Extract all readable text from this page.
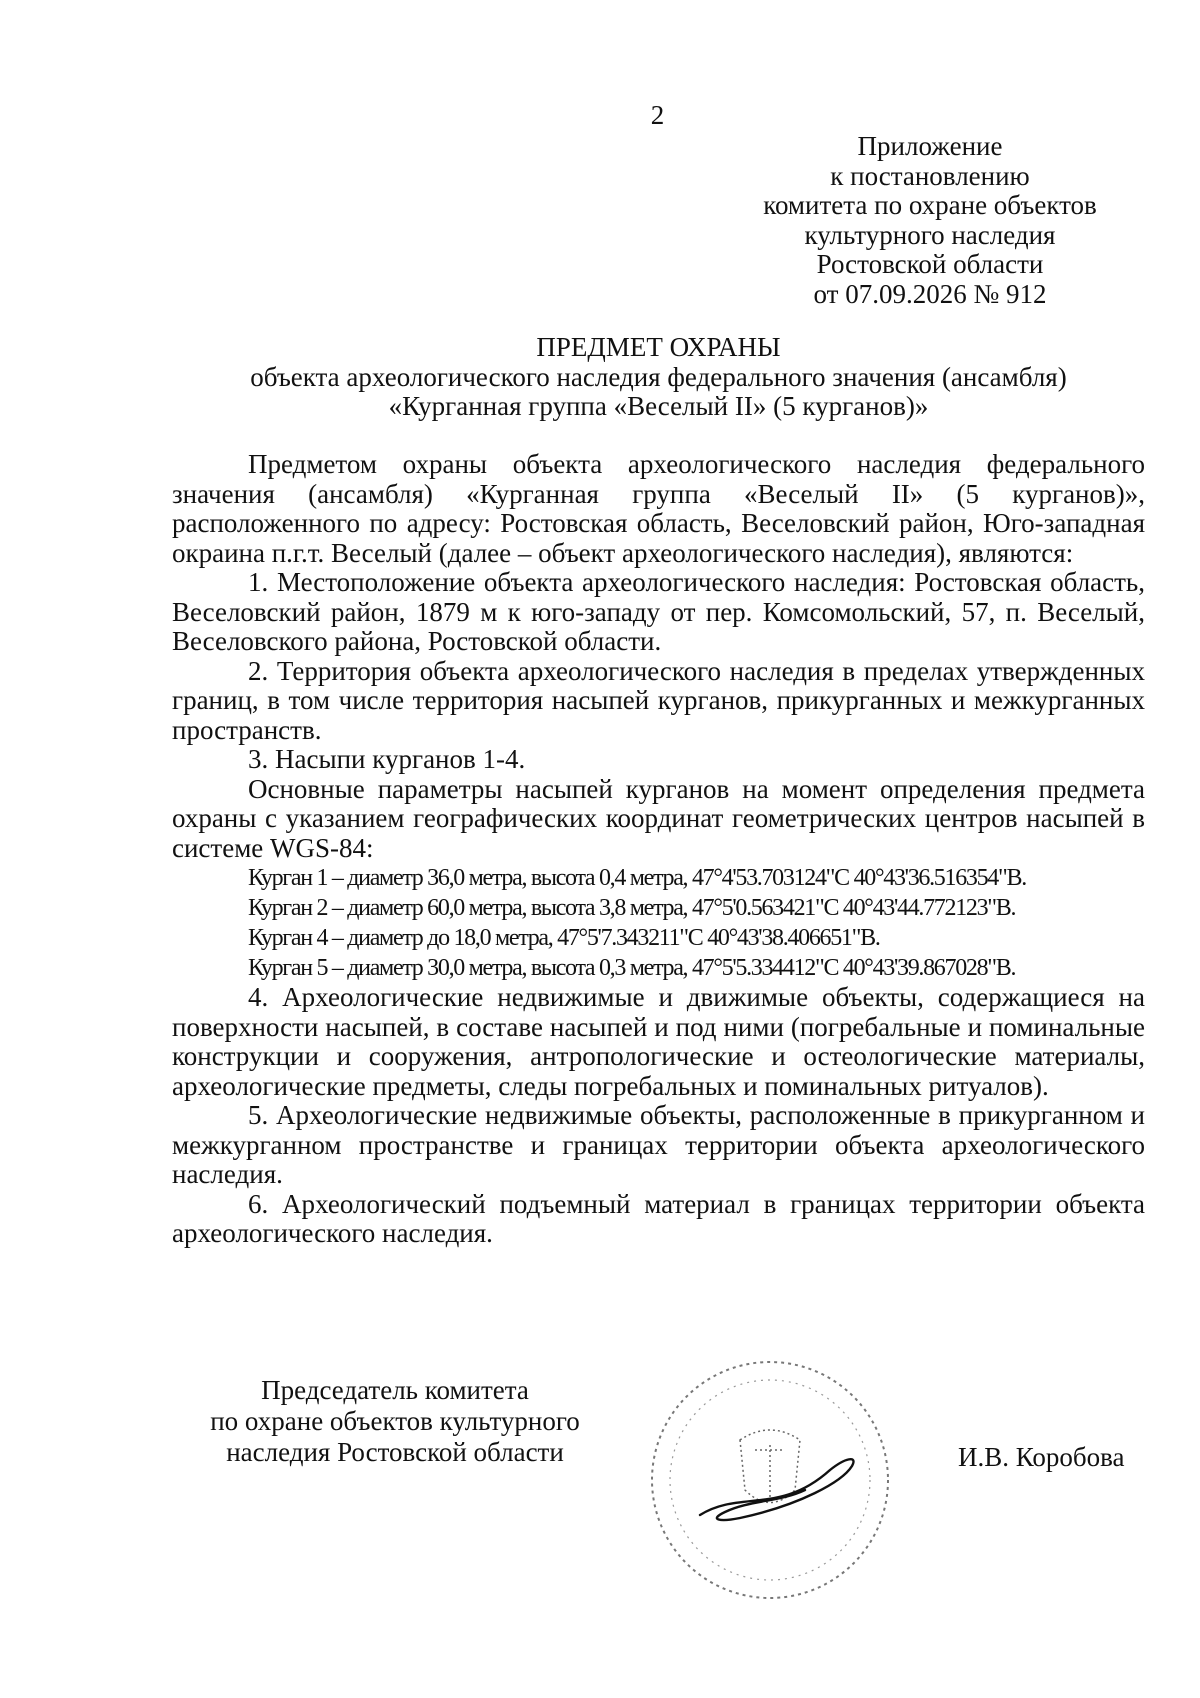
2
Приложение
к постановлению
комитета по охране объектов
культурного наследия
Ростовской области
от 07.09.2026 № 912
ПРЕДМЕТ ОХРАНЫ
объекта археологического наследия федерального значения (ансамбля)
«Курганная группа «Веселый II» (5 курганов)»

Предметом охраны объекта археологического наследия федерального значения (ансамбля) «Курганная группа «Веселый II» (5 курганов)», расположенного по адресу: Ростовская область, Веселовский район, Юго-западная окраина п.г.т. Веселый (далее – объект археологического наследия), являются:

1. Местоположение объекта археологического наследия: Ростовская область, Веселовский район, 1879 м к юго-западу от пер. Комсомольский, 57, п. Веселый, Веселовского района, Ростовской области.

2. Территория объекта археологического наследия в пределах утвержденных границ, в том числе территория насыпей курганов, прикурганных и межкурганных пространств.

3. Насыпи курганов 1-4.

Основные параметры насыпей курганов на момент определения предмета охраны с указанием географических координат геометрических центров насыпей в системе WGS-84:

Курган 1 – диаметр 36,0 метра, высота 0,4 метра, 47°4'53.703124"С 40°43'36.516354"В.

Курган 2 – диаметр 60,0 метра, высота 3,8 метра, 47°5'0.563421"С 40°43'44.772123"В.

Курган 4 – диаметр до 18,0 метра, 47°5'7.343211"С 40°43'38.406651"В.

Курган 5 – диаметр 30,0 метра, высота 0,3 метра, 47°5'5.334412"С 40°43'39.867028"В.

4. Археологические недвижимые и движимые объекты, содержащиеся на поверхности насыпей, в составе насыпей и под ними (погребальные и поминальные конструкции и сооружения, антропологические и остеологические материалы, археологические предметы, следы погребальных и поминальных ритуалов).

5. Археологические недвижимые объекты, расположенные в прикурганном и межкурганном пространстве и границах территории объекта археологического наследия.

6. Археологический подъемный материал в границах территории объекта археологического наследия.

Председатель комитета
по охране объектов культурного
наследия Ростовской области	И.В. Коробова
